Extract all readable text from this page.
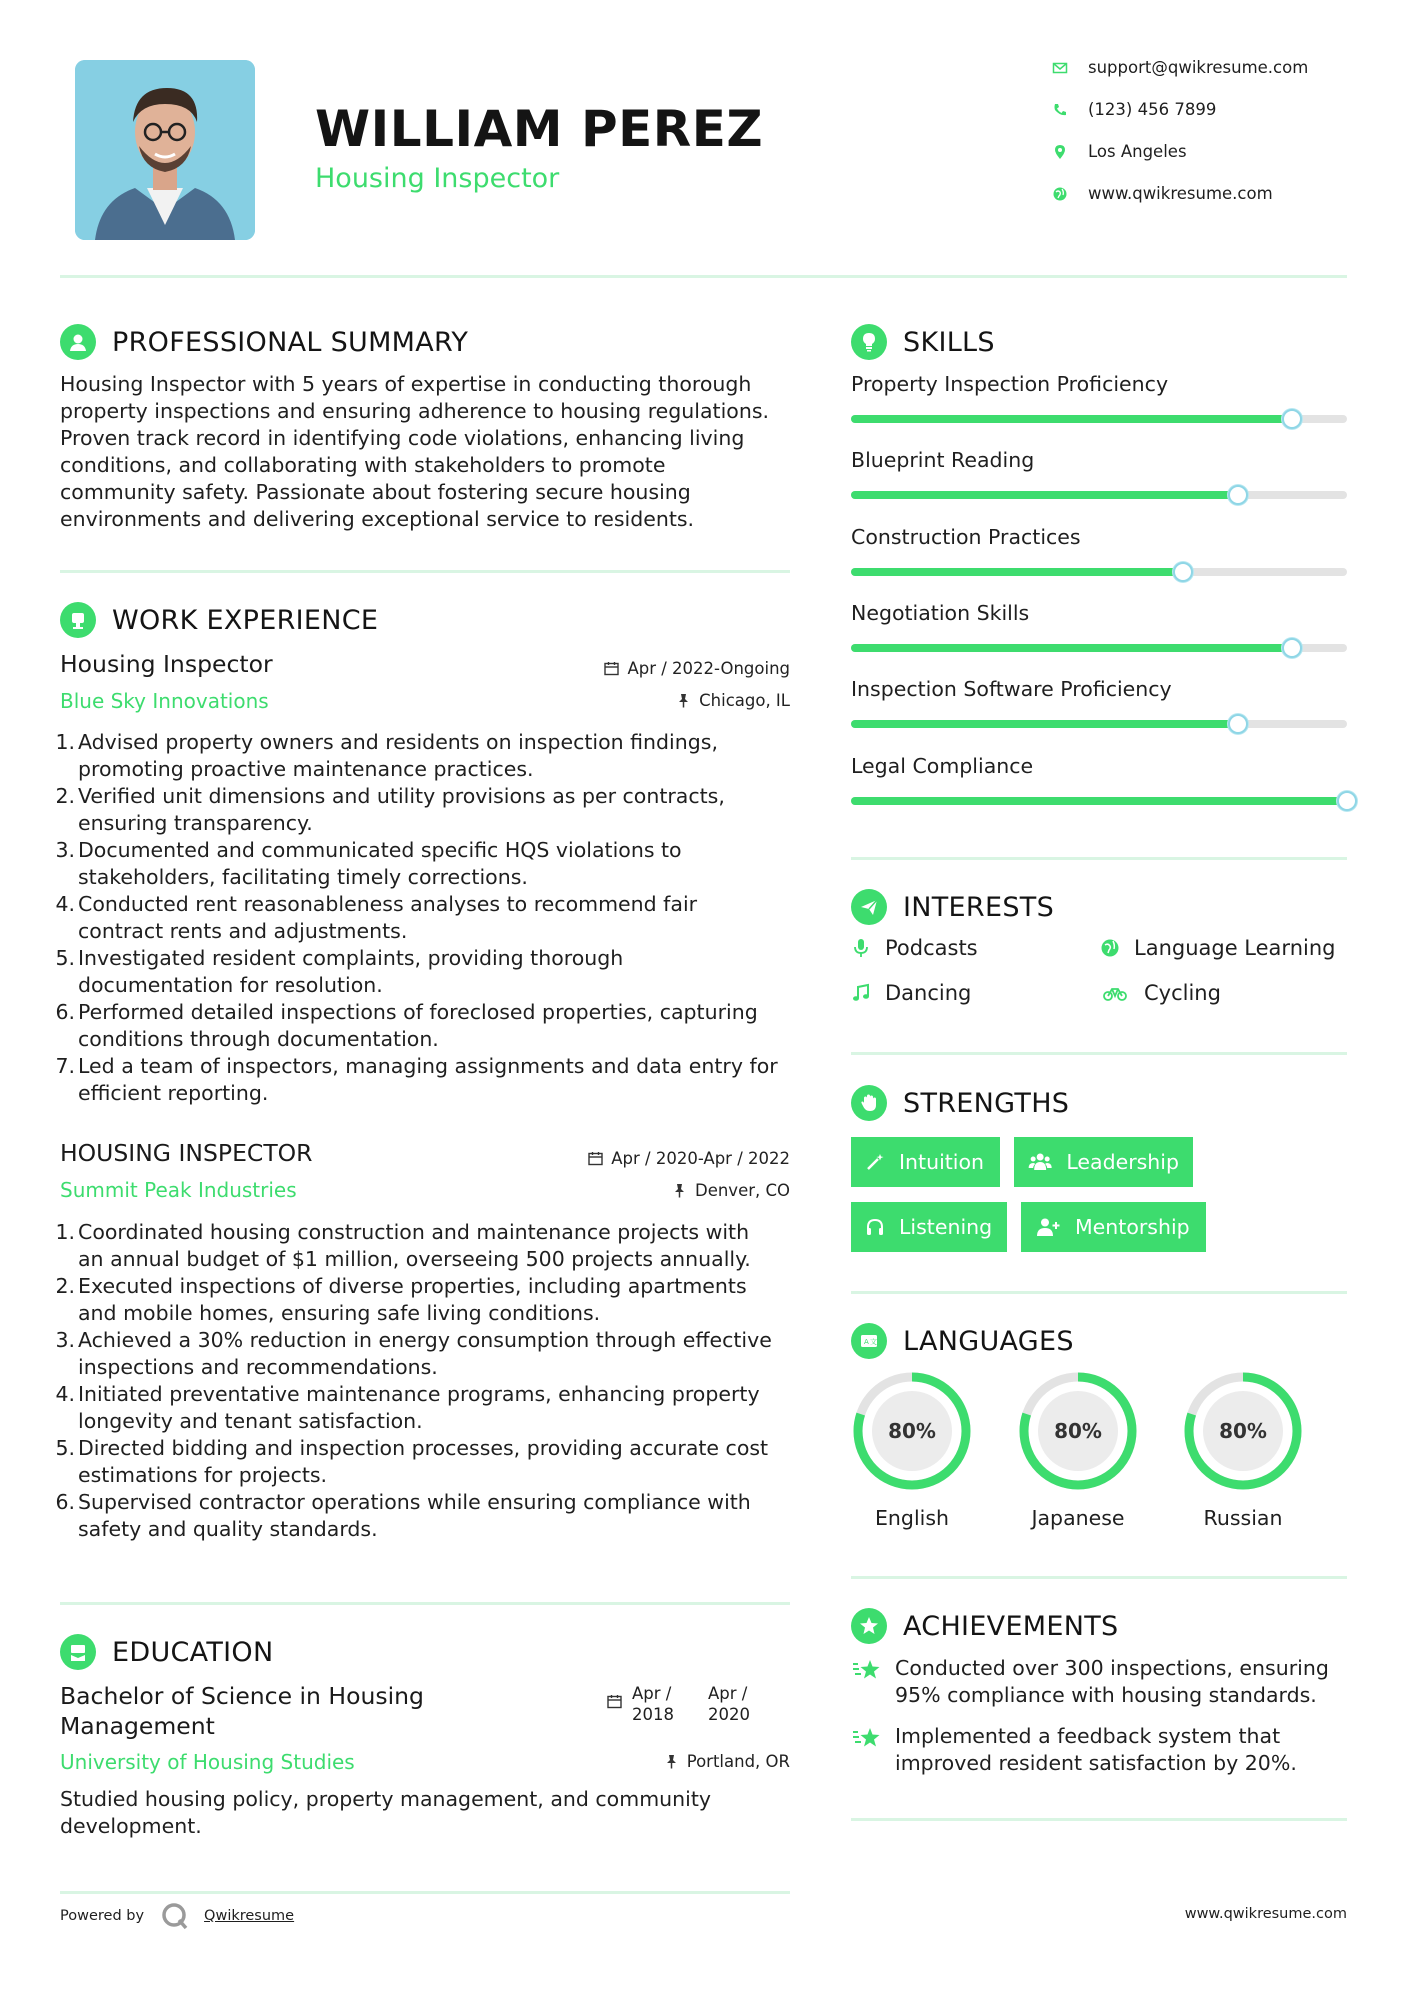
WILLIAM PEREZ
Housing Inspector
support@qwikresume.com
(123) 456 7899
Los Angeles
www.qwikresume.com
PROFESSIONAL SUMMARY
Housing Inspector with 5 years of expertise in conducting thorough
property inspections and ensuring adherence to housing regulations.
Proven track record in identifying code violations, enhancing living
conditions, and collaborating with stakeholders to promote
community safety. Passionate about fostering secure housing
environments and delivering exceptional service to residents.
WORK EXPERIENCE
Housing Inspector	Apr / 2022-Ongoing
Blue Sky Innovations	Chicago, IL
1. Advised property owners and residents on inspection findings,
promoting proactive maintenance practices.
2. Verified unit dimensions and utility provisions as per contracts,
ensuring transparency.
3. Documented and communicated specific HQS violations to
stakeholders, facilitating timely corrections.
4. Conducted rent reasonableness analyses to recommend fair
contract rents and adjustments.
5. Investigated resident complaints, providing thorough
documentation for resolution.
6. Performed detailed inspections of foreclosed properties, capturing
conditions through documentation.
7. Led a team of inspectors, managing assignments and data entry for
efficient reporting.
HOUSING INSPECTOR	Apr / 2020-Apr / 2022
Summit Peak Industries	Denver, CO
1. Coordinated housing construction and maintenance projects with
an annual budget of $1 million, overseeing 500 projects annually.
2. Executed inspections of diverse properties, including apartments
and mobile homes, ensuring safe living conditions.
3. Achieved a 30% reduction in energy consumption through effective
inspections and recommendations.
4. Initiated preventative maintenance programs, enhancing property
longevity and tenant satisfaction.
5. Directed bidding and inspection processes, providing accurate cost
estimations for projects.
6. Supervised contractor operations while ensuring compliance with
safety and quality standards.
EDUCATION
Bachelor of Science in Housing
Management
Apr /
2018
Apr /
2020
University of Housing Studies	Portland, OR
Studied housing policy, property management, and community
development.
SKILLS
Property Inspection Proficiency
Blueprint Reading
Construction Practices
Negotiation Skills
Inspection Software Proficiency
Legal Compliance
INTERESTS
Podcasts	Language Learning
Dancing	Cycling
STRENGTHS
Intuition	Leadership
Listening	Mentorship
A 文 LANGUAGES
80%
English
80%
Japanese
80%
Russian
ACHIEVEMENTS
Conducted over 300 inspections, ensuring
95% compliance with housing standards.
Implemented a feedback system that
improved resident satisfaction by 20%.
Powered by	Qwikresume	www.qwikresume.com
